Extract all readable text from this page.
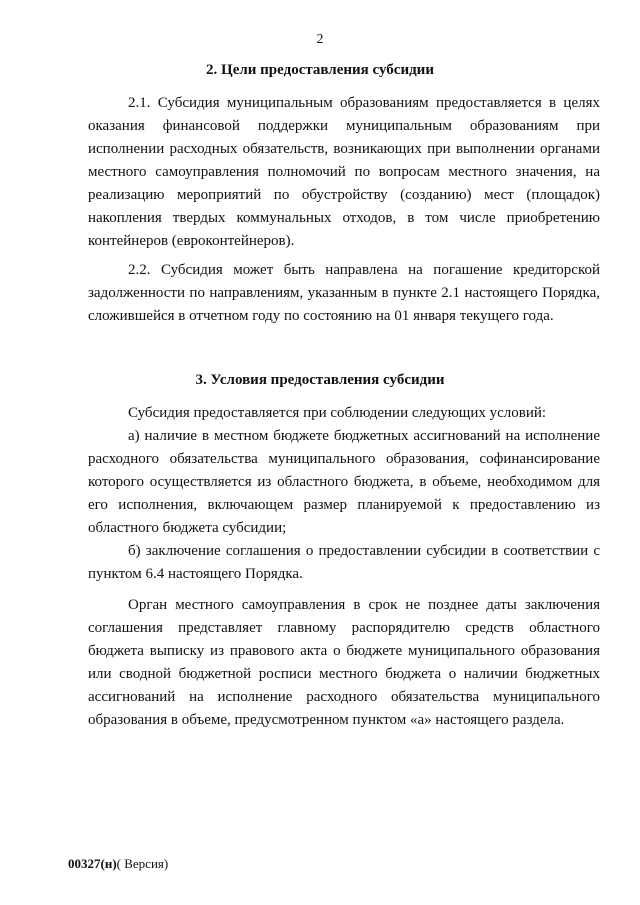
2
2. Цели предоставления субсидии

2.1. Субсидия муниципальным образованиям предоставляется в целях оказания финансовой поддержки муниципальным образованиям при исполнении расходных обязательств, возникающих при выполнении органами местного самоуправления полномочий по вопросам местного значения, на реализацию мероприятий по обустройству (созданию) мест (площадок) накопления твердых коммунальных отходов, в том числе приобретению контейнеров (евроконтейнеров).

2.2. Субсидия может быть направлена на погашение кредиторской задолженности по направлениям, указанным в пункте 2.1 настоящего Порядка, сложившейся в отчетном году по состоянию на 01 января текущего года.

3. Условия предоставления субсидии

Субсидия предоставляется при соблюдении следующих условий:

а) наличие в местном бюджете бюджетных ассигнований на исполнение расходного обязательства муниципального образования, софинансирование которого осуществляется из областного бюджета, в объеме, необходимом для его исполнения, включающем размер планируемой к предоставлению из областного бюджета субсидии;

б) заключение соглашения о предоставлении субсидии в соответствии с пунктом 6.4 настоящего Порядка.

Орган местного самоуправления в срок не позднее даты заключения соглашения представляет главному распорядителю средств областного бюджета выписку из правового акта о бюджете муниципального образования или сводной бюджетной росписи местного бюджета о наличии бюджетных ассигнований на исполнение расходного обязательства муниципального образования в объеме, предусмотренном пунктом «а» настоящего раздела.

00327(н)( Версия)
